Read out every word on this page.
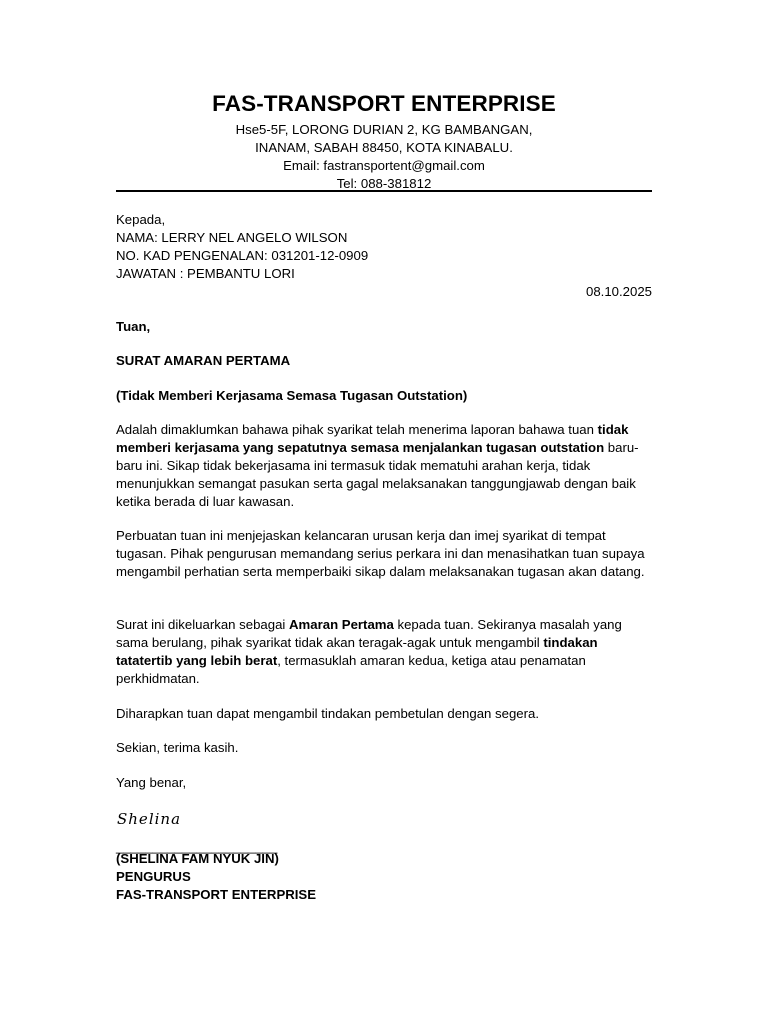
FAS-TRANSPORT ENTERPRISE

Hse5-5F, LORONG DURIAN 2, KG BAMBANGAN,

INANAM, SABAH 88450, KOTA KINABALU.

Email: fastransportent@gmail.com

Tel: 088-381812

Kepada,

NAMA: LERRY NEL ANGELO WILSON

NO. KAD PENGENALAN: 031201-12-0909

JAWATAN : PEMBANTU LORI

08.10.2025

Tuan,

SURAT AMARAN PERTAMA

(Tidak Memberi Kerjasama Semasa Tugasan Outstation)

Adalah dimaklumkan bahawa pihak syarikat telah menerima laporan bahawa tuan tidak memberi kerjasama yang sepatutnya semasa menjalankan tugasan outstation baru-baru ini. Sikap tidak bekerjasama ini termasuk tidak mematuhi arahan kerja, tidak menunjukkan semangat pasukan serta gagal melaksanakan tanggungjawab dengan baik ketika berada di luar kawasan.

Perbuatan tuan ini menjejaskan kelancaran urusan kerja dan imej syarikat di tempat tugasan. Pihak pengurusan memandang serius perkara ini dan menasihatkan tuan supaya mengambil perhatian serta memperbaiki sikap dalam melaksanakan tugasan akan datang.

Surat ini dikeluarkan sebagai Amaran Pertama kepada tuan. Sekiranya masalah yang sama berulang, pihak syarikat tidak akan teragak-agak untuk mengambil tindakan tatatertib yang lebih berat, termasuklah amaran kedua, ketiga atau penamatan perkhidmatan.

Diharapkan tuan dapat mengambil tindakan pembetulan dengan segera.

Sekian, terima kasih.

Yang benar,

Shelina
______________________

(SHELINA FAM NYUK JIN)

PENGURUS

FAS-TRANSPORT ENTERPRISE
